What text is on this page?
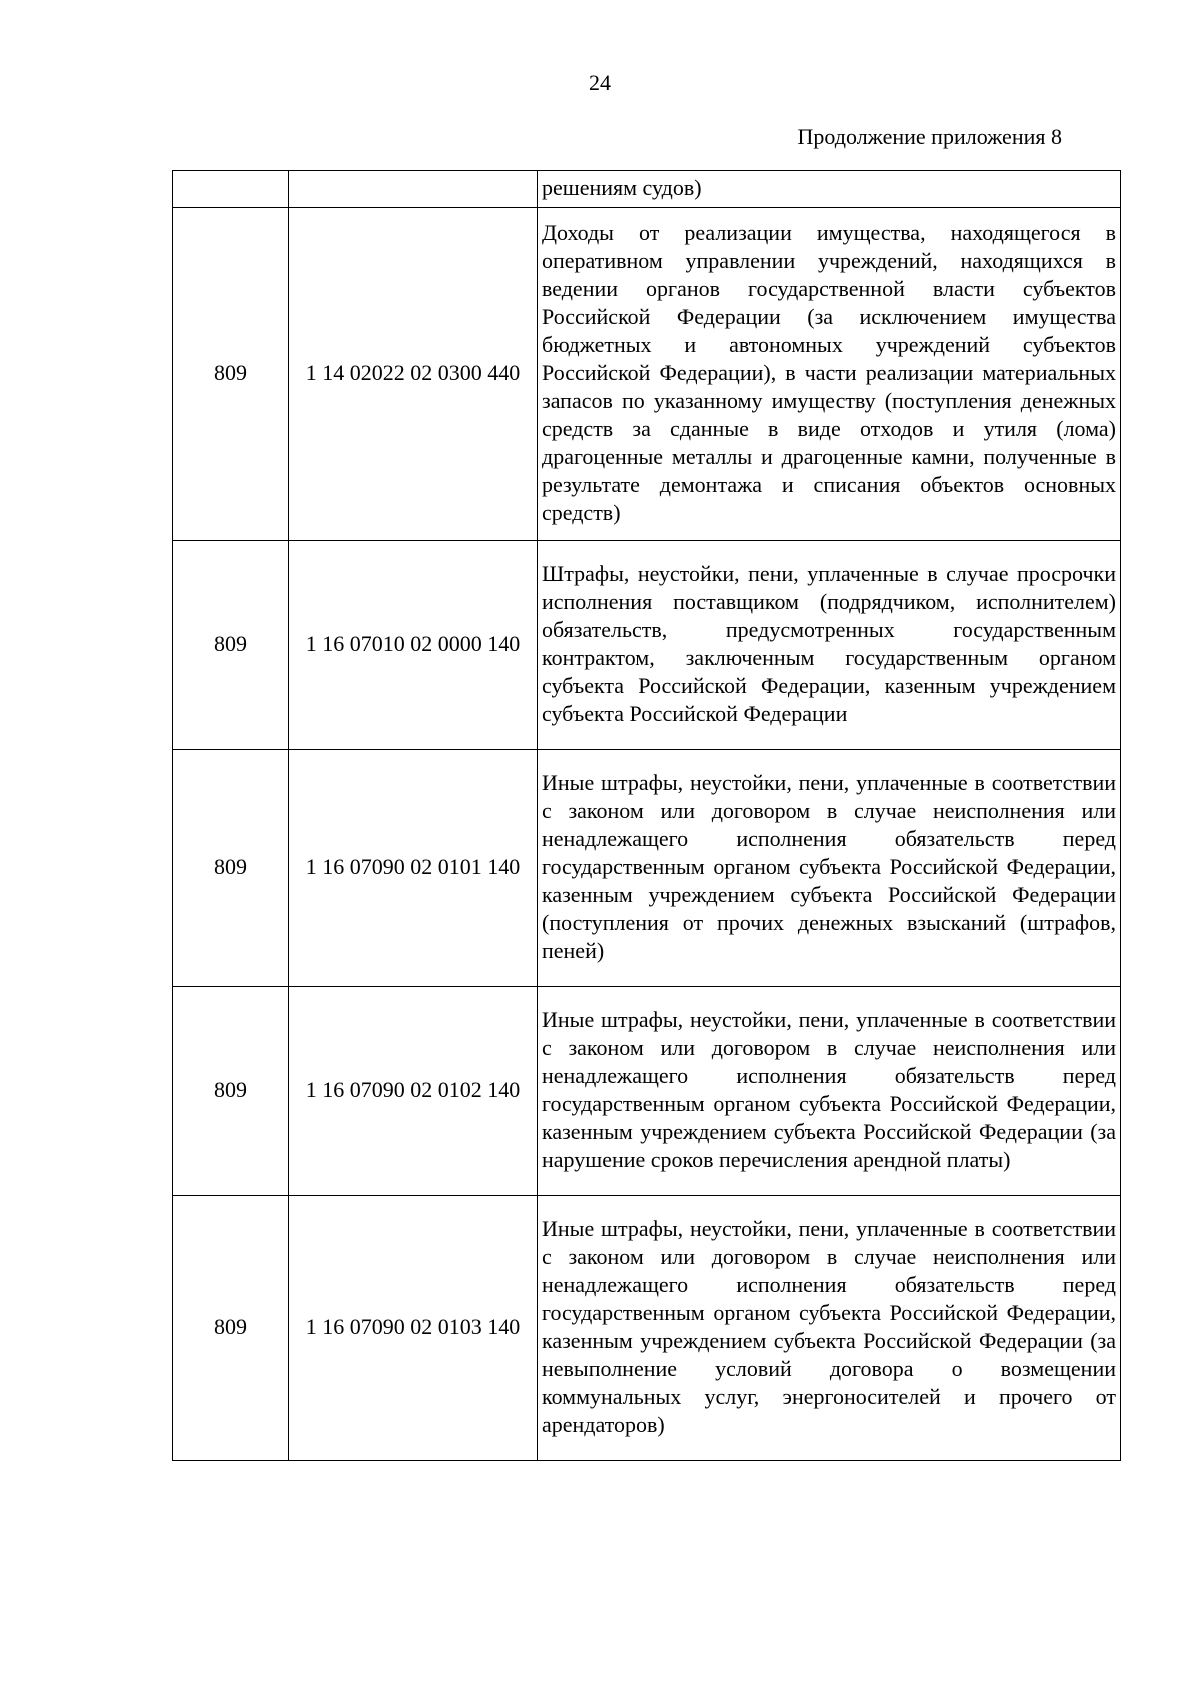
24
Продолжение приложения 8
		решениям судов)
809	1 14 02022 02 0300 440	Доходы от реализации имущества, находящегося в оперативном управлении учреждений, находящихся в ведении органов государственной власти субъектов Российской Федерации (за исключением имущества бюджетных и автономных учреждений субъектов Российской Федерации), в части реализации материальных запасов по указанному имуществу (поступления денежных средств за сданные в виде отходов и утиля (лома) драгоценные металлы и драгоценные камни, полученные в результате демонтажа и списания объектов основных средств)
809	1 16 07010 02 0000 140	Штрафы, неустойки, пени, уплаченные в случае просрочки исполнения поставщиком (подрядчиком, исполнителем) обязательств, предусмотренных государственным контрактом, заключенным государственным органом субъекта Российской Федерации, казенным учреждением субъекта Российской Федерации
809	1 16 07090 02 0101 140	Иные штрафы, неустойки, пени, уплаченные в соответствии с законом или договором в случае неисполнения или ненадлежащего исполнения обязательств перед государственным органом субъекта Российской Федерации, казенным учреждением субъекта Российской Федерации (поступления от прочих денежных взысканий (штрафов, пеней)
809	1 16 07090 02 0102 140	Иные штрафы, неустойки, пени, уплаченные в соответствии с законом или договором в случае неисполнения или ненадлежащего исполнения обязательств перед государственным органом субъекта Российской Федерации, казенным учреждением субъекта Российской Федерации (за нарушение сроков перечисления арендной платы)
809	1 16 07090 02 0103 140	Иные штрафы, неустойки, пени, уплаченные в соответствии с законом или договором в случае неисполнения или ненадлежащего исполнения обязательств перед государственным органом субъекта Российской Федерации, казенным учреждением субъекта Российской Федерации (за невыполнение условий договора о возмещении коммунальных услуг, энергоносителей и прочего от арендаторов)
